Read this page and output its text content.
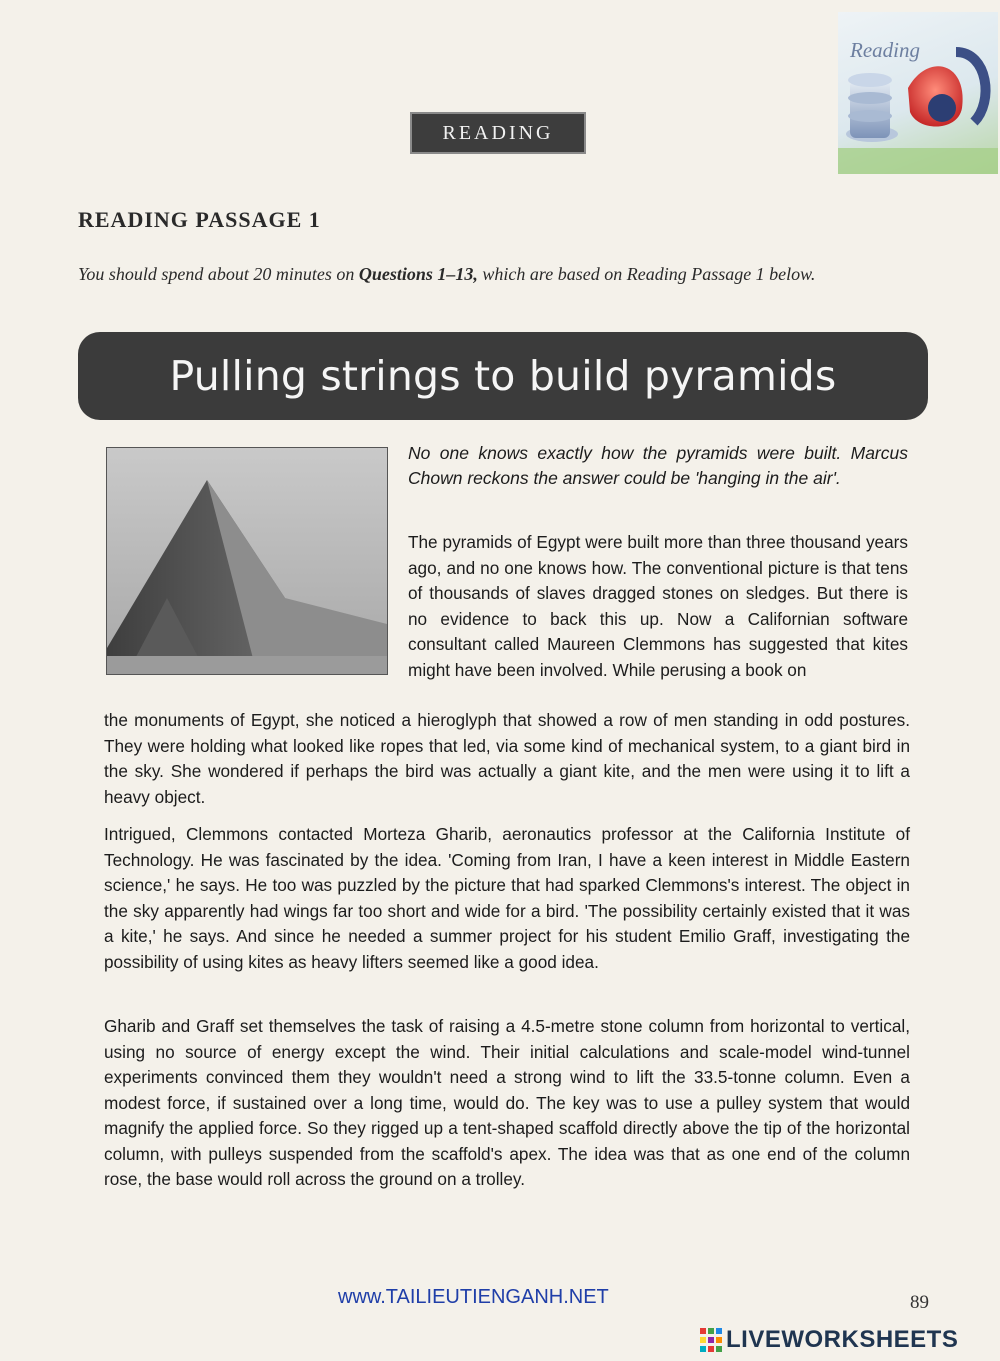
Reading
READING
READING PASSAGE 1

You should spend about 20 minutes on Questions 1–13, which are based on Reading Passage 1 below.

Pulling strings to build pyramids

No one knows exactly how the pyramids were built. Marcus Chown reckons the answer could be 'hanging in the air'.

The pyramids of Egypt were built more than three thousand years ago, and no one knows how. The conventional picture is that tens of thousands of slaves dragged stones on sledges. But there is no evidence to back this up. Now a Californian software consultant called Maureen Clemmons has suggested that kites might have been involved. While perusing a book on

the monuments of Egypt, she noticed a hieroglyph that showed a row of men standing in odd postures. They were holding what looked like ropes that led, via some kind of mechanical system, to a giant bird in the sky. She wondered if perhaps the bird was actually a giant kite, and the men were using it to lift a heavy object.

Intrigued, Clemmons contacted Morteza Gharib, aeronautics professor at the California Institute of Technology. He was fascinated by the idea. 'Coming from Iran, I have a keen interest in Middle Eastern science,' he says. He too was puzzled by the picture that had sparked Clemmons's interest. The object in the sky apparently had wings far too short and wide for a bird. 'The possibility certainly existed that it was a kite,' he says. And since he needed a summer project for his student Emilio Graff, investigating the possibility of using kites as heavy lifters seemed like a good idea.

Gharib and Graff set themselves the task of raising a 4.5-metre stone column from horizontal to vertical, using no source of energy except the wind. Their initial calculations and scale-model wind-tunnel experiments convinced them they wouldn't need a strong wind to lift the 33.5-tonne column. Even a modest force, if sustained over a long time, would do. The key was to use a pulley system that would magnify the applied force. So they rigged up a tent-shaped scaffold directly above the tip of the horizontal column, with pulleys suspended from the scaffold's apex. The idea was that as one end of the column rose, the base would roll across the ground on a trolley.

www.TAILIEUTIENGANH.NET	89
LIVEWORKSHEETS
